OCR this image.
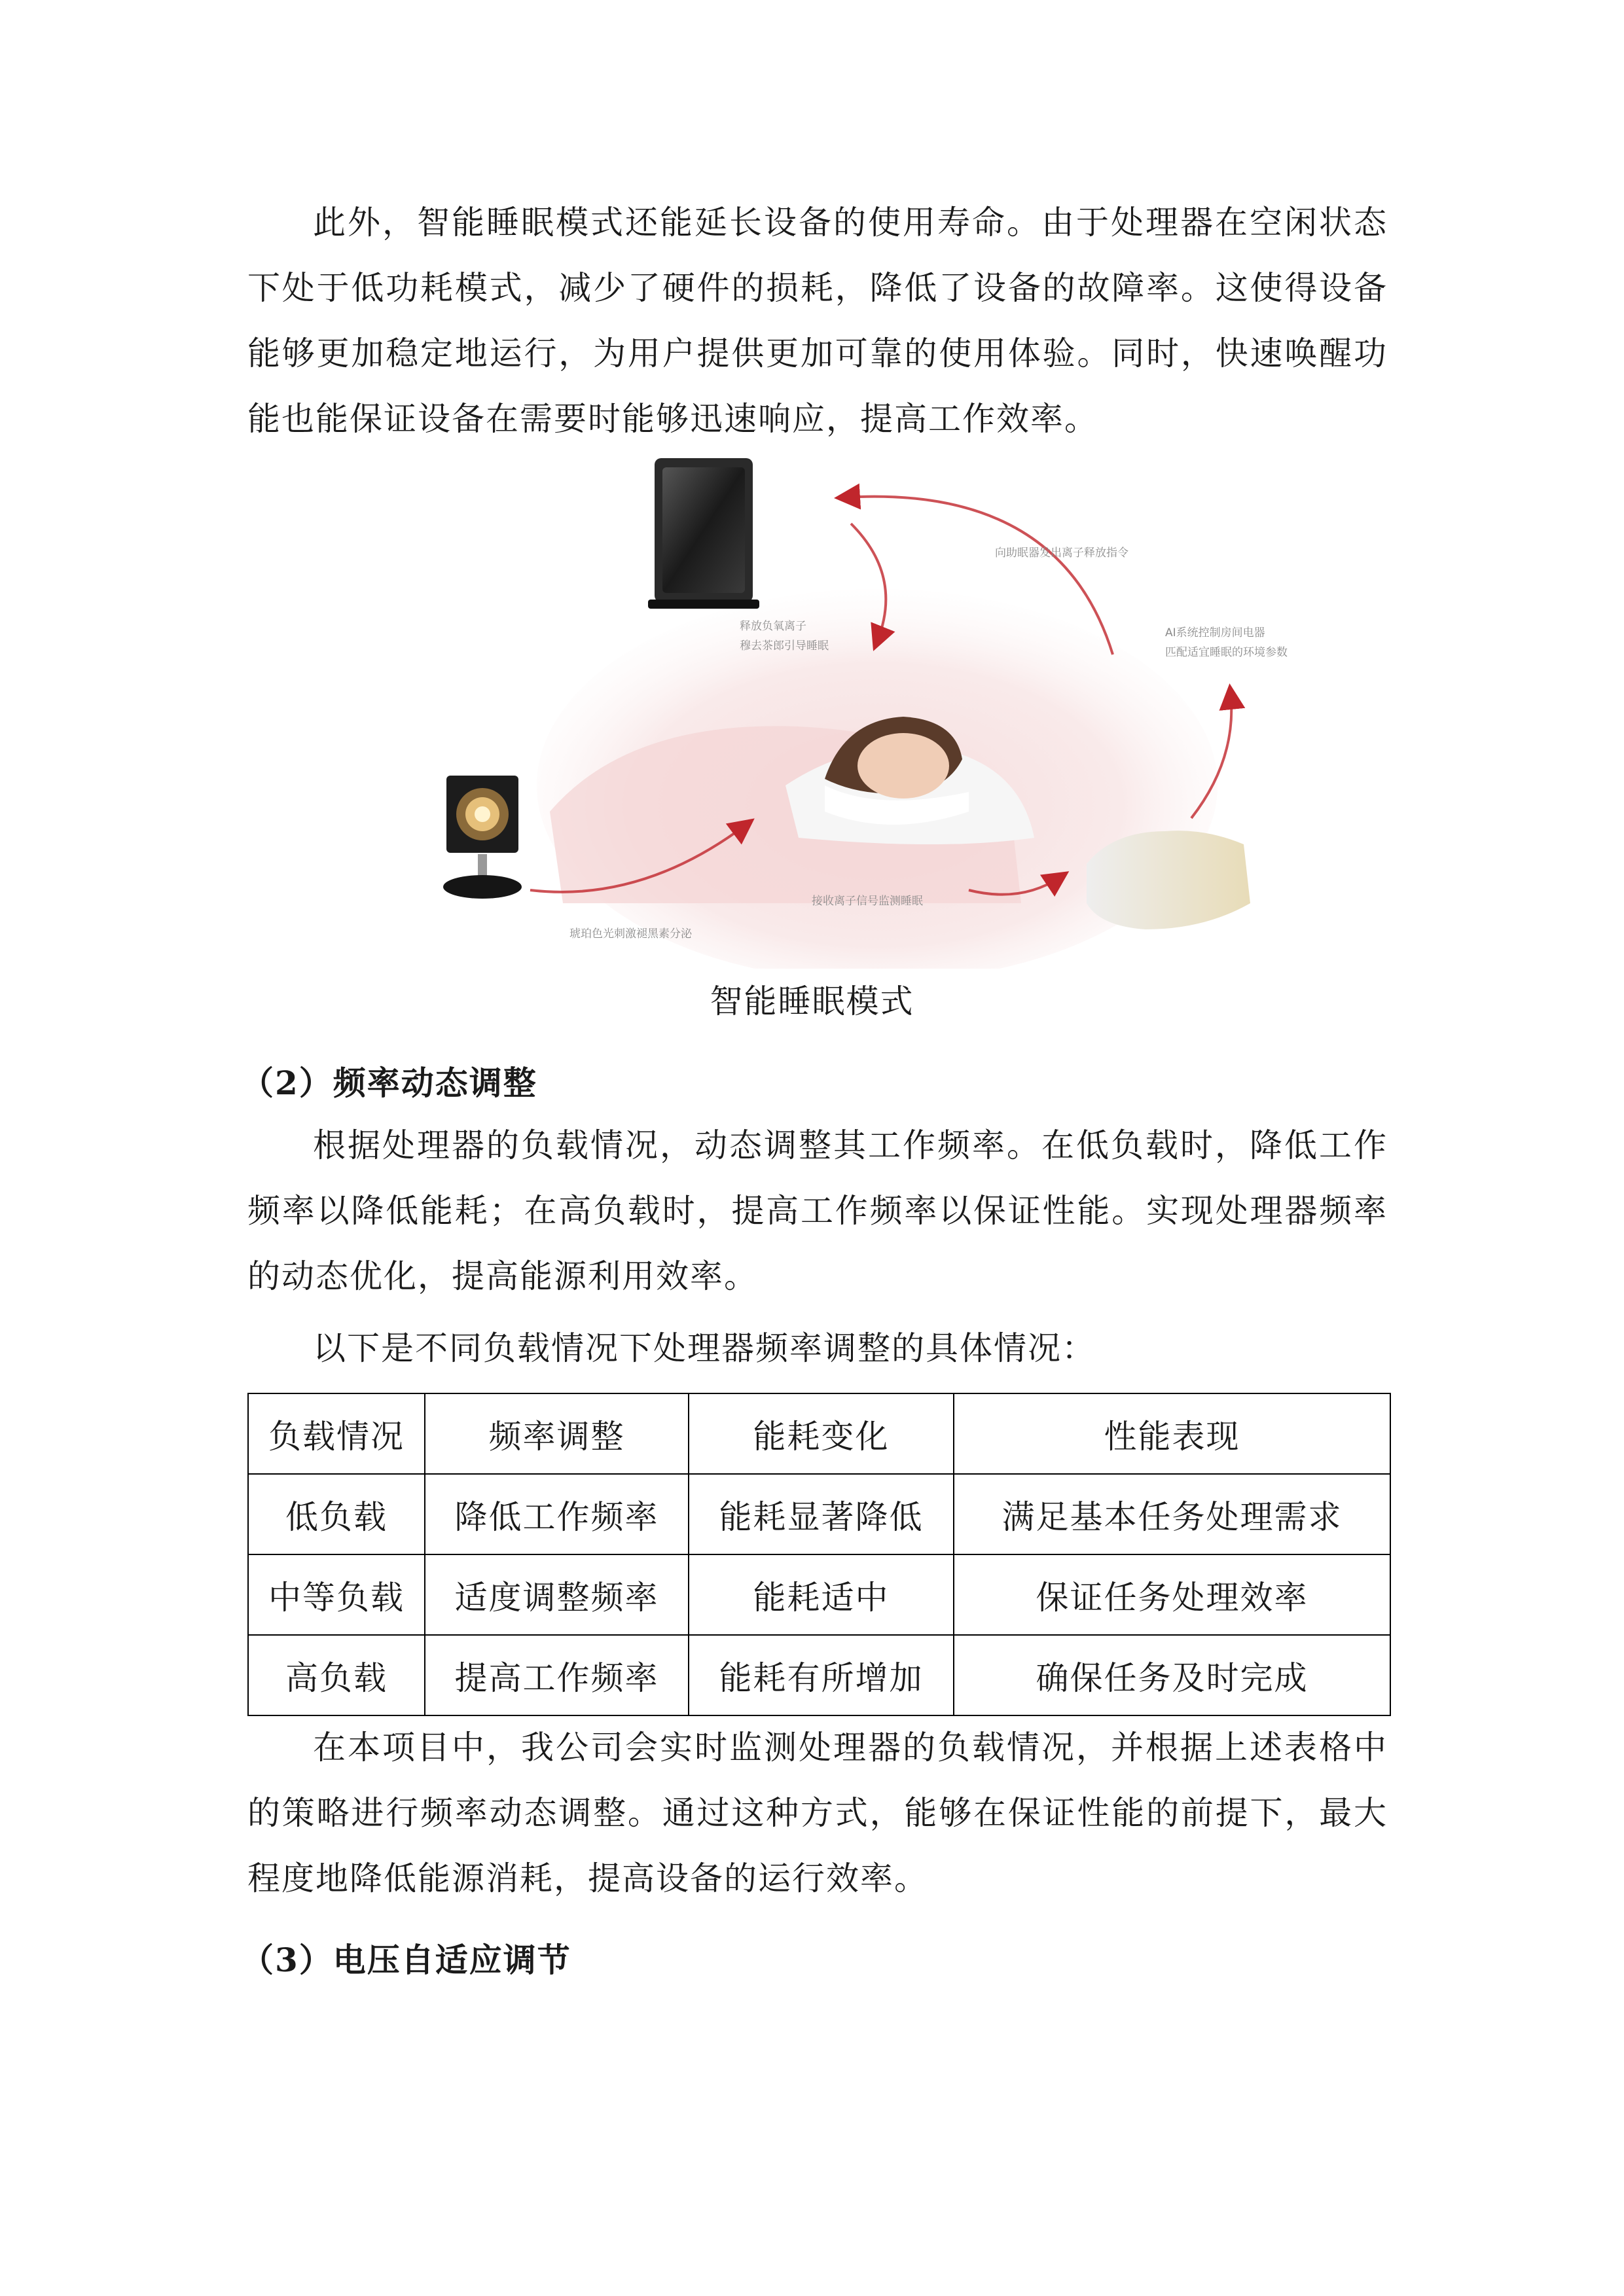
此外，智能睡眠模式还能延长设备的使用寿命。由于处理器在空闲状态下处于低功耗模式，减少了硬件的损耗，降低了设备的故障率。这使得设备能够更加稳定地运行，为用户提供更加可靠的使用体验。同时，快速唤醒功能也能保证设备在需要时能够迅速响应，提高工作效率。

向助眠器发出离子释放指令
释放负氧离子
穆去茶郎引导睡眠
AI系统控制房间电器
匹配适宜睡眠的环境参数
接收离子信号监测睡眠
琥珀色光刺激褪黑素分泌
智能睡眠模式
（2）频率动态调整

根据处理器的负载情况，动态调整其工作频率。在低负载时，降低工作频率以降低能耗；在高负载时，提高工作频率以保证性能。实现处理器频率的动态优化，提高能源利用效率。

以下是不同负载情况下处理器频率调整的具体情况：

负载情况	频率调整	能耗变化	性能表现
低负载	降低工作频率	能耗显著降低	满足基本任务处理需求
中等负载	适度调整频率	能耗适中	保证任务处理效率
高负载	提高工作频率	能耗有所增加	确保任务及时完成

在本项目中，我公司会实时监测处理器的负载情况，并根据上述表格中的策略进行频率动态调整。通过这种方式，能够在保证性能的前提下，最大程度地降低能源消耗，提高设备的运行效率。

（3）电压自适应调节
